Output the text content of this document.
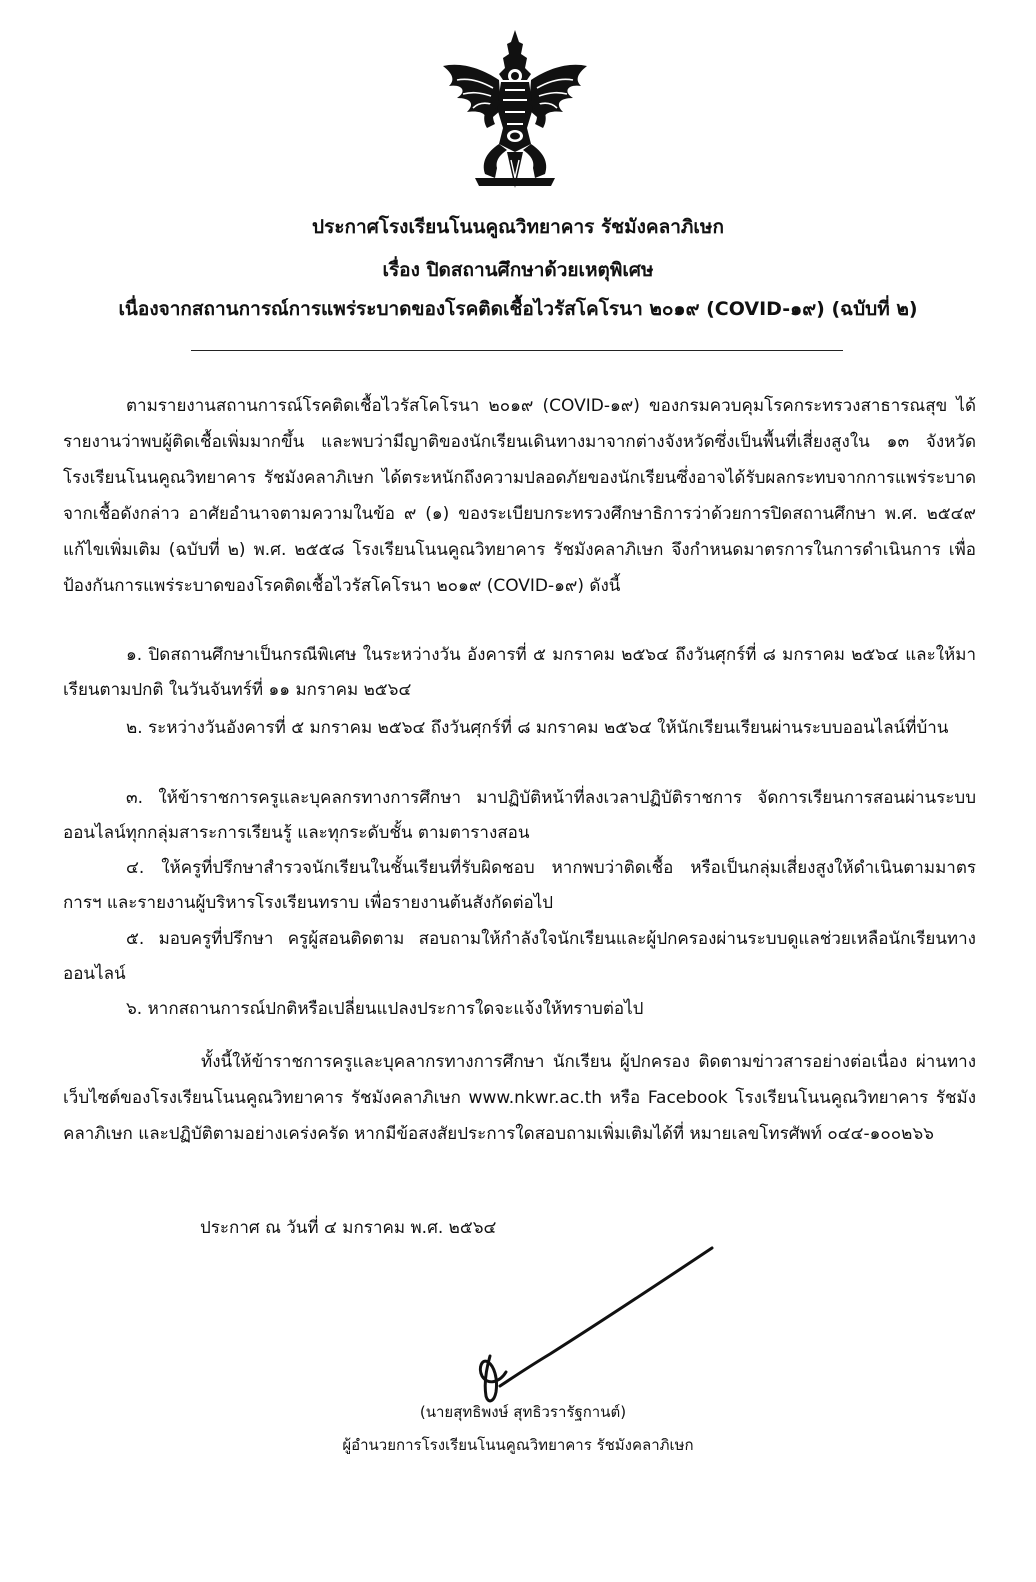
ประกาศโรงเรียนโนนคูณวิทยาคาร รัชมังคลาภิเษก
เรื่อง ปิดสถานศึกษาด้วยเหตุพิเศษ
เนื่องจากสถานการณ์การแพร่ระบาดของโรคติดเชื้อไวรัสโคโรนา ๒๐๑๙ (COVID-๑๙) (ฉบับที่ ๒)
ตามรายงานสถานการณ์โรคติดเชื้อไวรัสโคโรนา ๒๐๑๙ (COVID-๑๙) ของกรมควบคุมโรคกระทรวงสาธารณสุข ได้รายงานว่าพบผู้ติดเชื้อเพิ่มมากขึ้น และพบว่ามีญาติของนักเรียนเดินทางมาจากต่างจังหวัดซึ่งเป็นพื้นที่เสี่ยงสูงใน ๑๓ จังหวัด โรงเรียนโนนคูณวิทยาคาร รัชมังคลาภิเษก ได้ตระหนักถึงความปลอดภัยของนักเรียนซึ่งอาจได้รับผลกระทบจากการแพร่ระบาดจากเชื้อดังกล่าว อาศัยอำนาจตามความในข้อ ๙ (๑) ของระเบียบกระทรวงศึกษาธิการว่าด้วยการปิดสถานศึกษา พ.ศ. ๒๕๔๙ แก้ไขเพิ่มเติม (ฉบับที่ ๒) พ.ศ. ๒๕๕๘ โรงเรียนโนนคูณวิทยาคาร รัชมังคลาภิเษก จึงกำหนดมาตรการในการดำเนินการ เพื่อป้องกันการแพร่ระบาดของโรคติดเชื้อไวรัสโคโรนา ๒๐๑๙ (COVID-๑๙) ดังนี้
๑. ปิดสถานศึกษาเป็นกรณีพิเศษ ในระหว่างวัน อังคารที่ ๕ มกราคม ๒๕๖๔ ถึงวันศุกร์ที่ ๘ มกราคม ๒๕๖๔ และให้มาเรียนตามปกติ ในวันจันทร์ที่ ๑๑ มกราคม ๒๕๖๔
๒. ระหว่างวันอังคารที่ ๕ มกราคม ๒๕๖๔ ถึงวันศุกร์ที่ ๘ มกราคม ๒๕๖๔ ให้นักเรียนเรียนผ่านระบบออนไลน์ที่บ้าน
๓. ให้ข้าราชการครูและบุคลกรทางการศึกษา มาปฏิบัติหน้าที่ลงเวลาปฏิบัติราชการ จัดการเรียนการสอนผ่านระบบออนไลน์ทุกกลุ่มสาระการเรียนรู้ และทุกระดับชั้น ตามตารางสอน
๔. ให้ครูที่ปรึกษาสำรวจนักเรียนในชั้นเรียนที่รับผิดชอบ หากพบว่าติดเชื้อ หรือเป็นกลุ่มเสี่ยงสูงให้ดำเนินตามมาตรการฯ และรายงานผู้บริหารโรงเรียนทราบ เพื่อรายงานต้นสังกัดต่อไป
๕. มอบครูที่ปรึกษา ครูผู้สอนติดตาม สอบถามให้กำลังใจนักเรียนและผู้ปกครองผ่านระบบดูแลช่วยเหลือนักเรียนทางออนไลน์
๖. หากสถานการณ์ปกติหรือเปลี่ยนแปลงประการใดจะแจ้งให้ทราบต่อไป
ทั้งนี้ให้ข้าราชการครูและบุคลากรทางการศึกษา นักเรียน ผู้ปกครอง ติดตามข่าวสารอย่างต่อเนื่อง ผ่านทางเว็บไซต์ของโรงเรียนโนนคูณวิทยาคาร รัชมังคลาภิเษก www.nkwr.ac.th หรือ Facebook โรงเรียนโนนคูณวิทยาคาร รัชมังคลาภิเษก และปฏิบัติตามอย่างเคร่งครัด หากมีข้อสงสัยประการใดสอบถามเพิ่มเติมได้ที่ หมายเลขโทรศัพท์ ๐๔๔-๑๐๐๒๖๖
ประกาศ ณ วันที่ ๔ มกราคม พ.ศ. ๒๕๖๔
(นายสุทธิพงษ์ สุทธิวรารัฐกานต์)
ผู้อำนวยการโรงเรียนโนนคูณวิทยาคาร รัชมังคลาภิเษก
